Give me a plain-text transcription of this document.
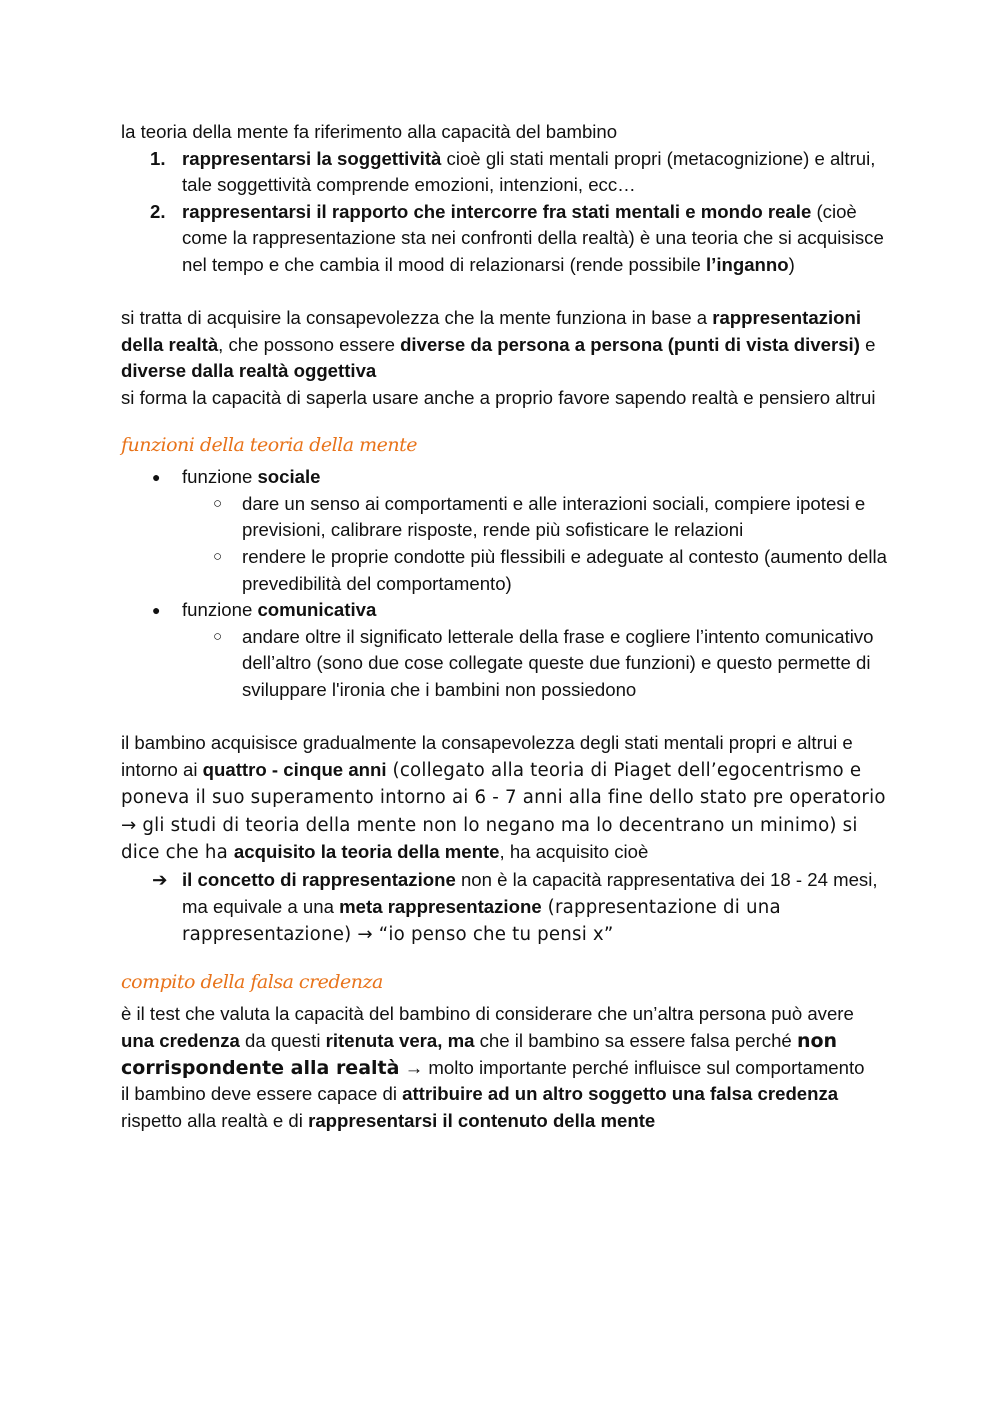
la teoria della mente fa riferimento alla capacità del bambino

1. rappresentarsi la soggettività cioè gli stati mentali propri (metacognizione) e altrui, tale soggettività comprende emozioni, intenzioni, ecc…
2. rappresentarsi il rapporto che intercorre fra stati mentali e mondo reale (cioè come la rappresentazione sta nei confronti della realtà) è una teoria che si acquisisce nel tempo e che cambia il mood di relazionarsi (rende possibile l’inganno)

si tratta di acquisire la consapevolezza che la mente funziona in base a rappresentazioni della realtà, che possono essere diverse da persona a persona (punti di vista diversi) e diverse dalla realtà oggettiva

si forma la capacità di saperla usare anche a proprio favore sapendo realtà e pensiero altrui

funzioni della teoria della mente

● funzione sociale
○ dare un senso ai comportamenti e alle interazioni sociali, compiere ipotesi e previsioni, calibrare risposte, rende più sofisticare le relazioni
○ rendere le proprie condotte più flessibili e adeguate al contesto (aumento della prevedibilità del comportamento)
● funzione comunicativa
○ andare oltre il significato letterale della frase e cogliere l’intento comunicativo dell’altro (sono due cose collegate queste due funzioni) e questo permette di sviluppare l'ironia che i bambini non possiedono

il bambino acquisisce gradualmente la consapevolezza degli stati mentali propri e altrui e intorno ai quattro - cinque anni (collegato alla teoria di Piaget dell’egocentrismo e poneva il suo superamento intorno ai 6 - 7 anni alla fine dello stato pre operatorio → gli studi di teoria della mente non lo negano ma lo decentrano un minimo) si dice che ha acquisito la teoria della mente, ha acquisito cioè

➔ il concetto di rappresentazione non è la capacità rappresentativa dei 18 - 24 mesi, ma equivale a una meta rappresentazione (rappresentazione di una rappresentazione) → “io penso che tu pensi x”

compito della falsa credenza

è il test che valuta la capacità del bambino di considerare che un’altra persona può avere una credenza da questi ritenuta vera, ma che il bambino sa essere falsa perché non corrispondente alla realtà → molto importante perché influisce sul comportamento

il bambino deve essere capace di attribuire ad un altro soggetto una falsa credenza rispetto alla realtà e di rappresentarsi il contenuto della mente
